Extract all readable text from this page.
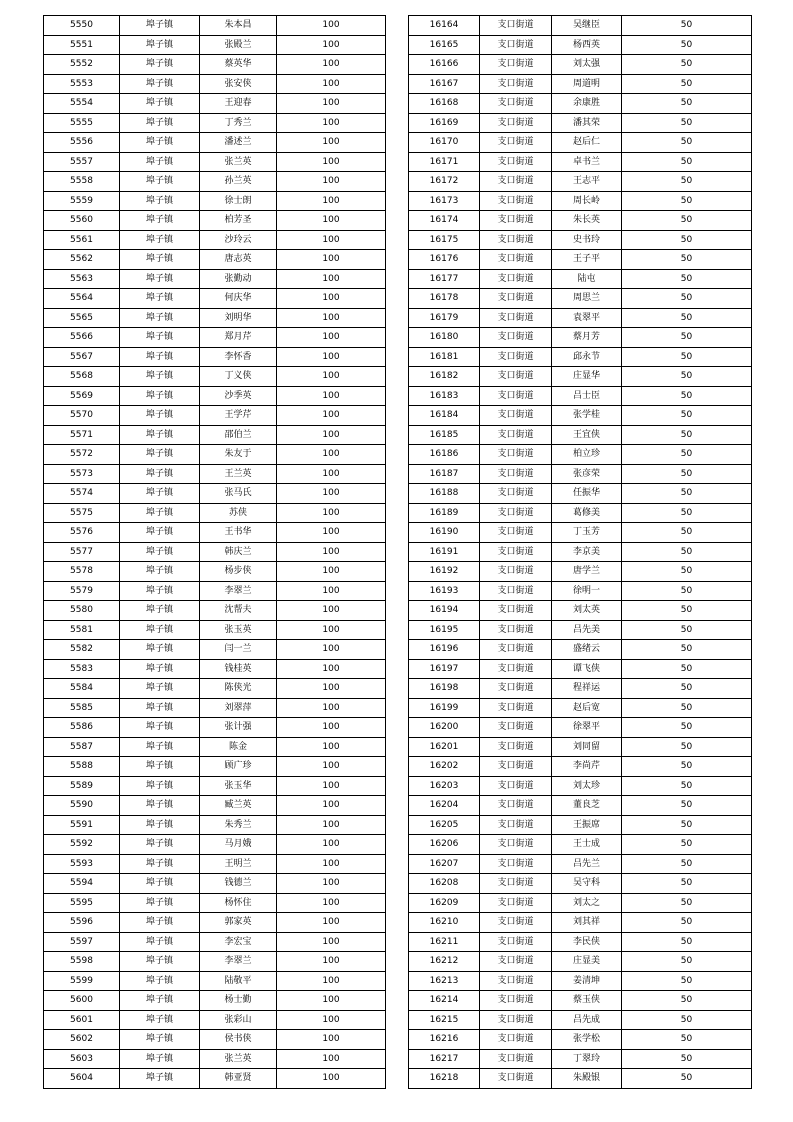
5550	埠子镇	朱本昌	100
5551	埠子镇	张殿兰	100
5552	埠子镇	蔡英华	100
5553	埠子镇	张安侠	100
5554	埠子镇	王迎春	100
5555	埠子镇	丁秀兰	100
5556	埠子镇	潘述兰	100
5557	埠子镇	张兰英	100
5558	埠子镇	孙兰英	100
5559	埠子镇	徐士朗	100
5560	埠子镇	柏芳圣	100
5561	埠子镇	沙玲云	100
5562	埠子镇	唐志英	100
5563	埠子镇	张勤动	100
5564	埠子镇	何庆华	100
5565	埠子镇	刘明华	100
5566	埠子镇	郑月芹	100
5567	埠子镇	李怀香	100
5568	埠子镇	丁义侠	100
5569	埠子镇	沙季英	100
5570	埠子镇	王学芹	100
5571	埠子镇	邵伯兰	100
5572	埠子镇	朱友于	100
5573	埠子镇	王兰英	100
5574	埠子镇	张马氏	100
5575	埠子镇	苏侠	100
5576	埠子镇	王书华	100
5577	埠子镇	韩庆兰	100
5578	埠子镇	杨步侠	100
5579	埠子镇	李翠兰	100
5580	埠子镇	沈帮夫	100
5581	埠子镇	张玉英	100
5582	埠子镇	闫一兰	100
5583	埠子镇	钱桂英	100
5584	埠子镇	陈侠光	100
5585	埠子镇	刘翠萍	100
5586	埠子镇	张计强	100
5587	埠子镇	陈金	100
5588	埠子镇	顾广珍	100
5589	埠子镇	张玉华	100
5590	埠子镇	臧兰英	100
5591	埠子镇	朱秀兰	100
5592	埠子镇	马月娥	100
5593	埠子镇	王明兰	100
5594	埠子镇	钱德兰	100
5595	埠子镇	杨怀住	100
5596	埠子镇	郭家英	100
5597	埠子镇	李宏宝	100
5598	埠子镇	李翠兰	100
5599	埠子镇	陆敬平	100
5600	埠子镇	杨士勤	100
5601	埠子镇	张彩山	100
5602	埠子镇	侯书侠	100
5603	埠子镇	张兰英	100
5604	埠子镇	韩亚贤	100
16164	支口街道	吴继臣	50
16165	支口街道	杨西英	50
16166	支口街道	刘太强	50
16167	支口街道	周道明	50
16168	支口街道	余康胜	50
16169	支口街道	潘其荣	50
16170	支口街道	赵后仁	50
16171	支口街道	卓书兰	50
16172	支口街道	王志平	50
16173	支口街道	周长岭	50
16174	支口街道	朱长英	50
16175	支口街道	史书玲	50
16176	支口街道	王子平	50
16177	支口街道	陆屯	50
16178	支口街道	周思兰	50
16179	支口街道	袁翠平	50
16180	支口街道	蔡月芳	50
16181	支口街道	邱永节	50
16182	支口街道	庄显华	50
16183	支口街道	吕士臣	50
16184	支口街道	张学桂	50
16185	支口街道	王宜侠	50
16186	支口街道	柏立珍	50
16187	支口街道	张彦荣	50
16188	支口街道	任振华	50
16189	支口街道	葛修美	50
16190	支口街道	丁玉芳	50
16191	支口街道	李京美	50
16192	支口街道	唐学兰	50
16193	支口街道	徐明一	50
16194	支口街道	刘太英	50
16195	支口街道	吕先美	50
16196	支口街道	盛绪云	50
16197	支口街道	谭飞侠	50
16198	支口街道	程祥运	50
16199	支口街道	赵后宽	50
16200	支口街道	徐翠平	50
16201	支口街道	刘同留	50
16202	支口街道	李尚芹	50
16203	支口街道	刘太珍	50
16204	支口街道	董良芝	50
16205	支口街道	王振席	50
16206	支口街道	王士成	50
16207	支口街道	吕先兰	50
16208	支口街道	吴守科	50
16209	支口街道	刘太之	50
16210	支口街道	刘其祥	50
16211	支口街道	李民侠	50
16212	支口街道	庄显美	50
16213	支口街道	姜清坤	50
16214	支口街道	蔡玉侠	50
16215	支口街道	吕先成	50
16216	支口街道	张学松	50
16217	支口街道	丁翠玲	50
16218	支口街道	朱殿银	50
